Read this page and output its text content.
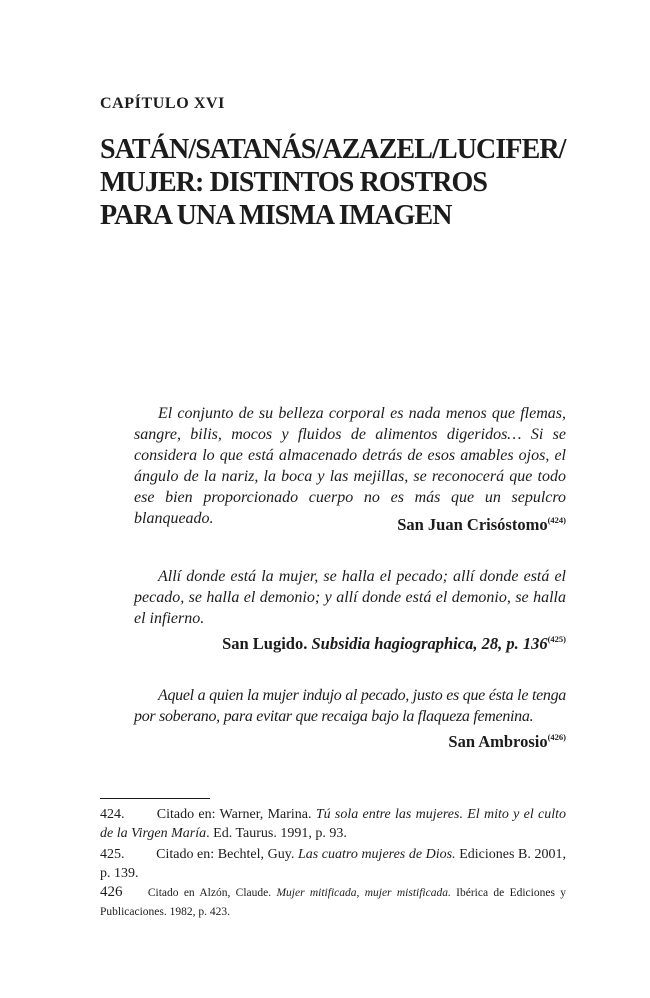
CAPÍTULO XVI
SATÁN/SATANÁS/AZAZEL/LUCIFER/
MUJER: DISTINTOS ROSTROS
PARA UNA MISMA IMAGEN

El conjunto de su belleza corporal es nada menos que flemas, sangre, bilis, mocos y fluidos de alimentos digeridos… Si se considera lo que está almacenado detrás de esos amables ojos, el ángulo de la nariz, la boca y las mejillas, se reconocerá que todo ese bien proporcionado cuerpo no es más que un sepulcro blanqueado.	San Juan Crisóstomo$^{(424)}$

Allí donde está la mujer, se halla el pecado; allí donde está el pecado, se halla el demonio; y allí donde está el demonio, se halla el infierno.

San Lugido. Subsidia hagiographica, 28, p. 136$^{(425)}$

Aquel a quien la mujer indujo al pecado, justo es que ésta le tenga por soberano, para evitar que recaiga bajo la flaqueza femenina.

San Ambrosio$^{(426)}$
424. Citado en: Warner, Marina. Tú sola entre las mujeres. El mito y el culto de la Virgen María. Ed. Taurus. 1991, p. 93.
425. Citado en: Bechtel, Guy. Las cuatro mujeres de Dios. Ediciones B. 2001, p. 139.
426 Citado en Alzón, Claude. Mujer mitificada, mujer mistificada. Ibérica de Ediciones y Publicaciones. 1982, p. 423.
